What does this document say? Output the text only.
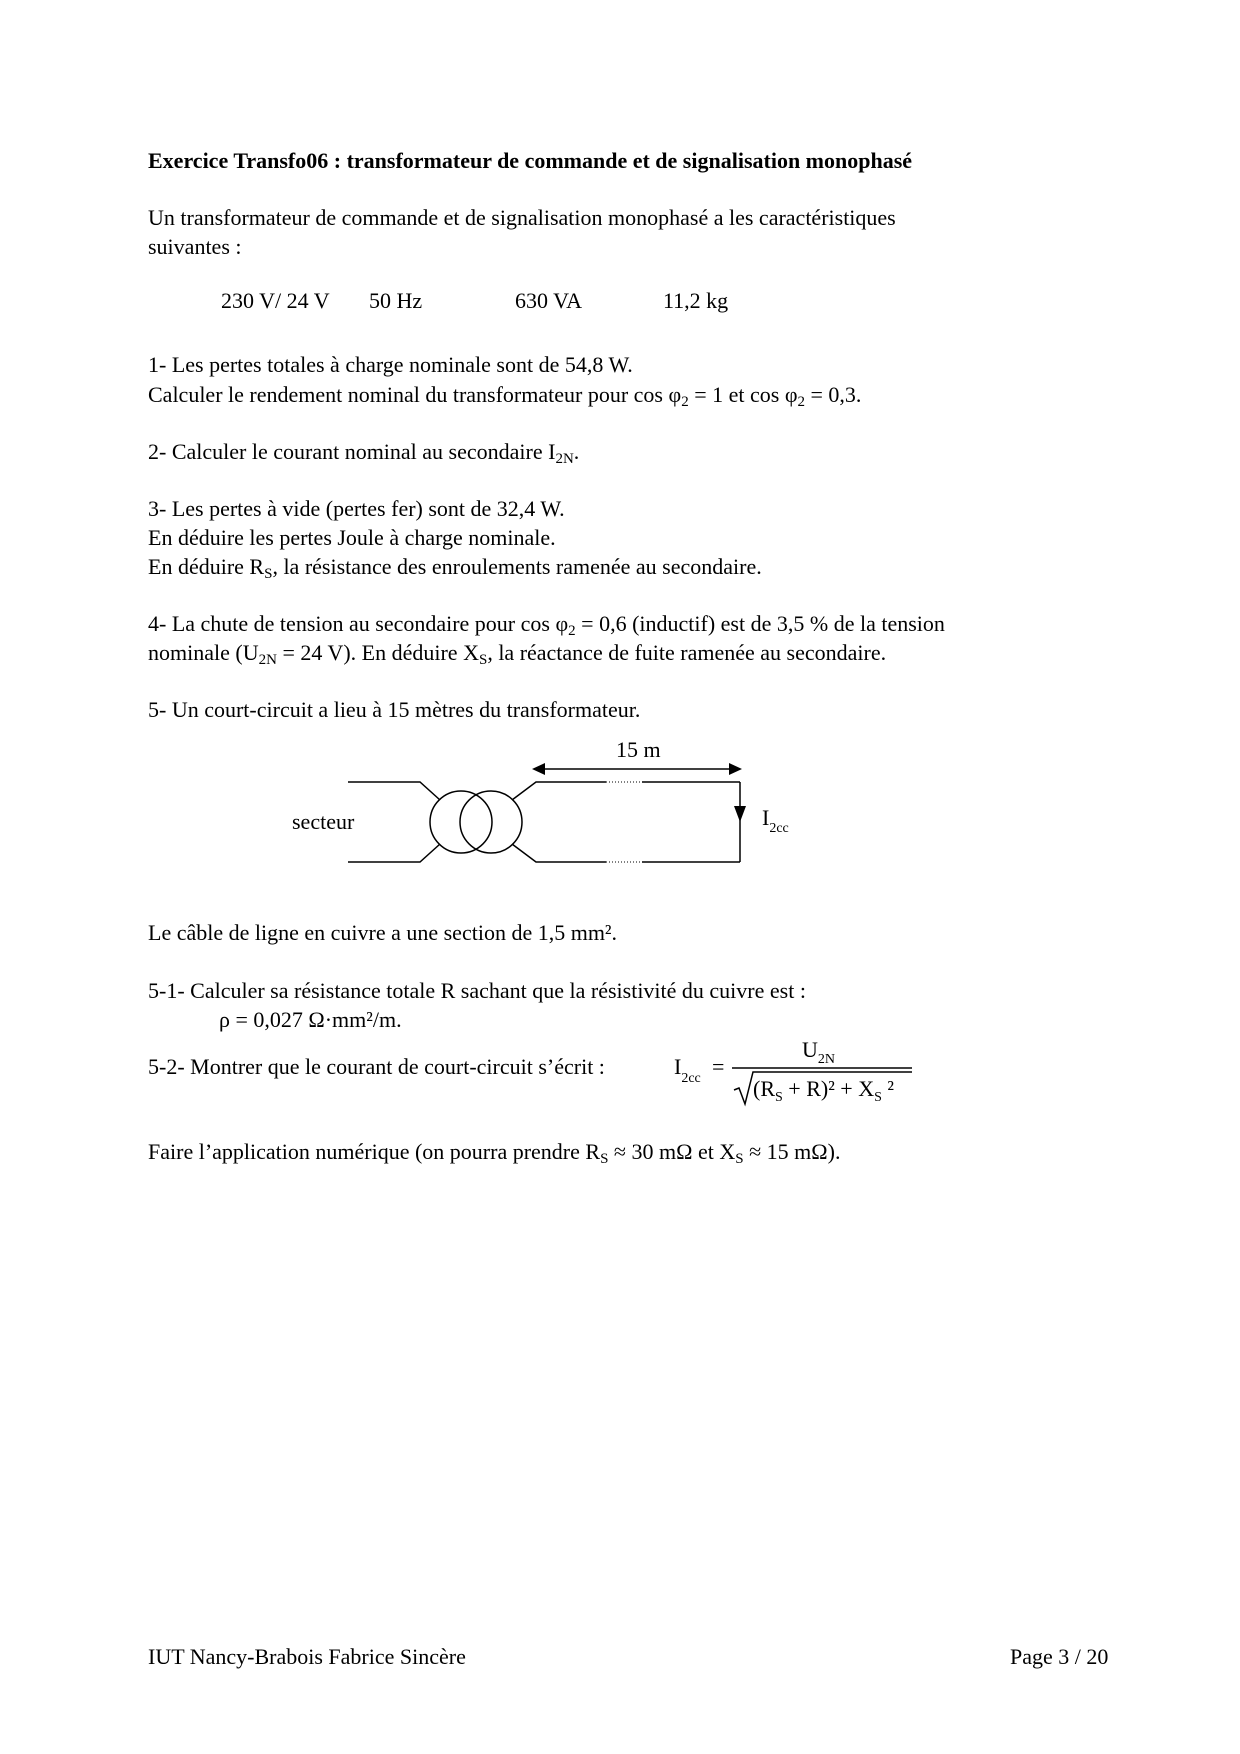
Exercice Transfo06 : transformateur de commande et de signalisation monophasé
Un transformateur de commande et de signalisation monophasé a les caractéristiques
suivantes :
230 V/ 24 V 50 Hz	630 VA	11,2 kg
1- Les pertes totales à charge nominale sont de 54,8 W.
Calculer le rendement nominal du transformateur pour $\cos \varphi_2 = 1$ et $\cos \varphi_2 = 0,3$.
2- Calculer le courant nominal au secondaire $I_{2N}$.
3- Les pertes à vide (pertes fer) sont de 32,4 W.
En déduire les pertes Joule à charge nominale.
En déduire $R_S$, la résistance des enroulements ramenée au secondaire.
4- La chute de tension au secondaire pour $\cos \varphi_2 = 0,6$ (inductif) est de 3,5 % de la tension
nominale ($U_{2N} = 24$ V). En déduire $X_S$, la réactance de fuite ramenée au secondaire.
5- Un court-circuit a lieu à 15 mètres du transformateur.
15 m
secteur	$I_{2cc}$
Le câble de ligne en cuivre a une section de 1,5 mm².
5-1- Calculer sa résistance totale R sachant que la résistivité du cuivre est :
ρ = 0,027 Ω·mm²/m.
5-2- Montrer que le courant de court-circuit s’écrit :	$I_{2cc}$ =
$U_{2N}$
$(R_S + R)^2 + X_S$ ²
Faire l’application numérique (on pourra prendre $R_S \approx 30$ mΩ et $X_S \approx 15$ mΩ).
IUT Nancy-Brabois Fabrice Sincère	Page 3 / 20
